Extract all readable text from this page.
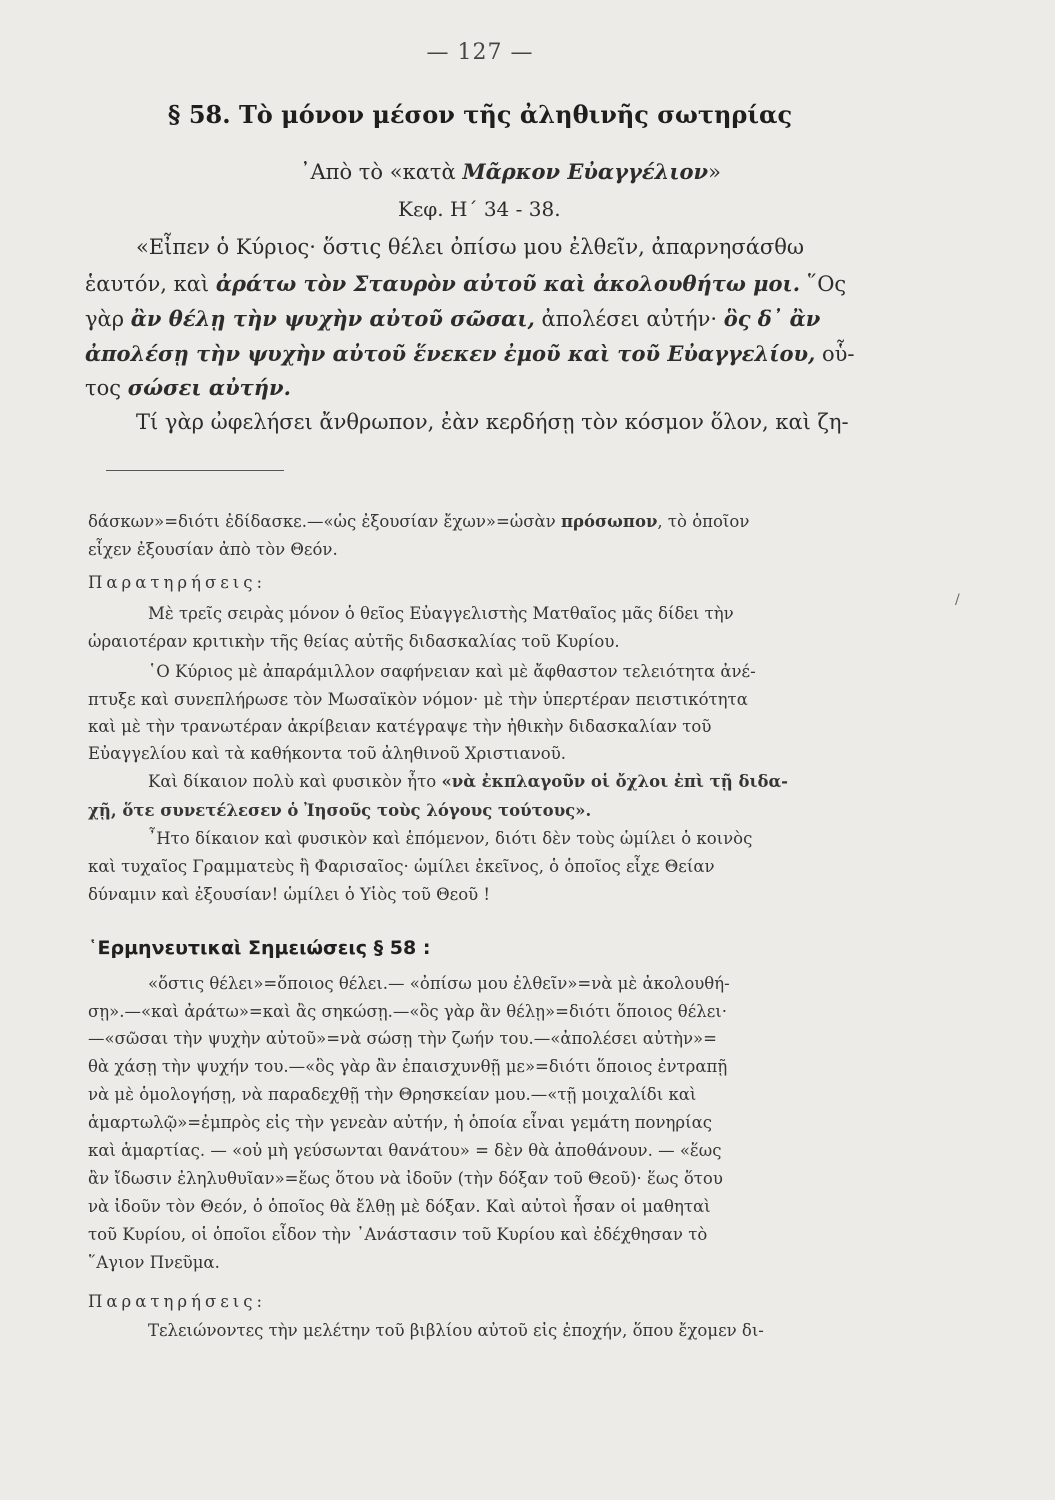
— 127 —
§ 58. Τὸ μόνον μέσον τῆς ἀληθινῆς σωτηρίας
᾿Απὸ τὸ «κατὰ Μᾶρκον Εὐαγγέλιον»
Κεφ. Η΄ 34 - 38.
«Εἶπεν ὁ Κύριος· ὅστις θέλει ὀπίσω μου ἐλθεῖν, ἀπαρνησάσθω
ἑαυτόν, καὶ ἀράτω τὸν Σταυρὸν αὐτοῦ καὶ ἀκολουθήτω μοι. ῞Ος
γὰρ ἂν θέλῃ τὴν ψυχὴν αὐτοῦ σῶσαι, ἀπολέσει αὐτήν· ὃς δ᾿ ἂν
ἀπολέσῃ τὴν ψυχὴν αὐτοῦ ἕνεκεν ἐμοῦ καὶ τοῦ Εὐαγγελίου, οὗ-
τος σώσει αὐτήν.
Τί γὰρ ὠφελήσει ἄνθρωπον, ἐὰν κερδήσῃ τὸν κόσμον ὅλον, καὶ ζη-
δάσκων»=διότι ἐδίδασκε.—«ὡς ἐξουσίαν ἔχων»=ὡσὰν πρόσωπον, τὸ ὁποῖον
εἶχεν ἐξουσίαν ἀπὸ τὸν Θεόν.
Παρατηρήσεις:
Μὲ τρεῖς σειρὰς μόνον ὁ θεῖος Εὐαγγελιστὴς Ματθαῖος μᾶς δίδει τὴν
ὡραιοτέραν κριτικὴν τῆς θείας αὐτῆς διδασκαλίας τοῦ Κυρίου.
῾Ο Κύριος μὲ ἀπαράμιλλον σαφήνειαν καὶ μὲ ἄφθαστον τελειότητα ἀνέ-
πτυξε καὶ συνεπλήρωσε τὸν Μωσαϊκὸν νόμον· μὲ τὴν ὑπερτέραν πειστικότητα
καὶ μὲ τὴν τρανωτέραν ἀκρίβειαν κατέγραψε τὴν ἠθικὴν διδασκαλίαν τοῦ
Εὐαγγελίου καὶ τὰ καθήκοντα τοῦ ἀληθινοῦ Χριστιανοῦ.
Καὶ δίκαιον πολὺ καὶ φυσικὸν ἦτο «νὰ ἐκπλαγοῦν οἱ ὄχλοι ἐπὶ τῇ διδα-
χῇ, ὅτε συνετέλεσεν ὁ Ἰησοῦς τοὺς λόγους τούτους».
῏Ητο δίκαιον καὶ φυσικὸν καὶ ἑπόμενον, διότι δὲν τοὺς ὡμίλει ὁ κοινὸς
καὶ τυχαῖος Γραμματεὺς ἢ Φαρισαῖος· ὡμίλει ἐκεῖνος, ὁ ὁποῖος εἶχε Θείαν
δύναμιν καὶ ἐξουσίαν! ὡμίλει ὁ Υἱὸς τοῦ Θεοῦ !
῾Ερμηνευτικαὶ Σημειώσεις § 58 :
«ὅστις θέλει»=ὅποιος θέλει.— «ὀπίσω μου ἐλθεῖν»=νὰ μὲ ἀκολουθή-
σῃ».—«καὶ ἀράτω»=καὶ ἂς σηκώσῃ.—«ὃς γὰρ ἂν θέλῃ»=διότι ὅποιος θέλει·
—«σῶσαι τὴν ψυχὴν αὐτοῦ»=νὰ σώσῃ τὴν ζωήν του.—«ἀπολέσει αὐτὴν»=
θὰ χάσῃ τὴν ψυχήν του.—«ὃς γὰρ ἂν ἐπαισχυνθῇ με»=διότι ὅποιος ἐντραπῇ
νὰ μὲ ὁμολογήσῃ, νὰ παραδεχθῇ τὴν Θρησκείαν μου.—«τῇ μοιχαλίδι καὶ
ἁμαρτωλῷ»=ἐμπρὸς εἰς τὴν γενεὰν αὐτήν, ἡ ὁποία εἶναι γεμάτη πονηρίας
καὶ ἁμαρτίας. — «οὐ μὴ γεύσωνται θανάτου» = δὲν θὰ ἀποθάνουν. — «ἕως
ἂν ἴδωσιν ἐληλυθυῖαν»=ἕως ὅτου νὰ ἰδοῦν (τὴν δόξαν τοῦ Θεοῦ)· ἕως ὅτου
νὰ ἰδοῦν τὸν Θεόν, ὁ ὁποῖος θὰ ἔλθῃ μὲ δόξαν. Καὶ αὐτοὶ ἦσαν οἱ μαθηταὶ
τοῦ Κυρίου, οἱ ὁποῖοι εἶδον τὴν ᾿Ανάστασιν τοῦ Κυρίου καὶ ἐδέχθησαν τὸ
῞Αγιον Πνεῦμα.
Παρατηρήσεις:
Τελειώνοντες τὴν μελέτην τοῦ βιβλίου αὐτοῦ εἰς ἐποχήν, ὅπου ἔχομεν δι-
/
